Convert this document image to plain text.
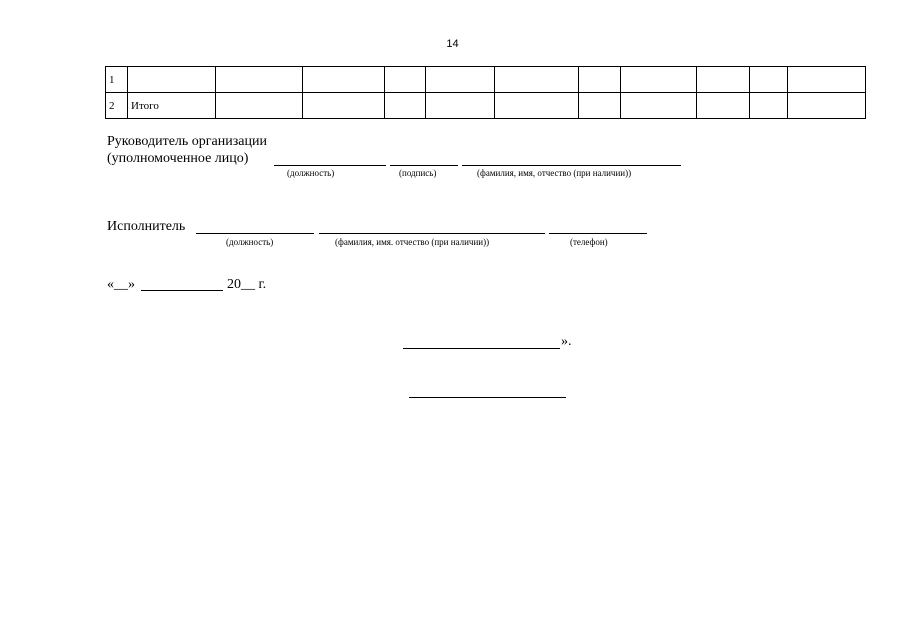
14
1											
2	Итого										
Руководитель организации
(уполномоченное лицо)
(должность)	(подпись)	(фамилия, имя, отчество (при наличии))
Исполнитель
(должность)	(фамилия, имя. отчество (при наличии))	(телефон)
«__»	20__ г.
».
